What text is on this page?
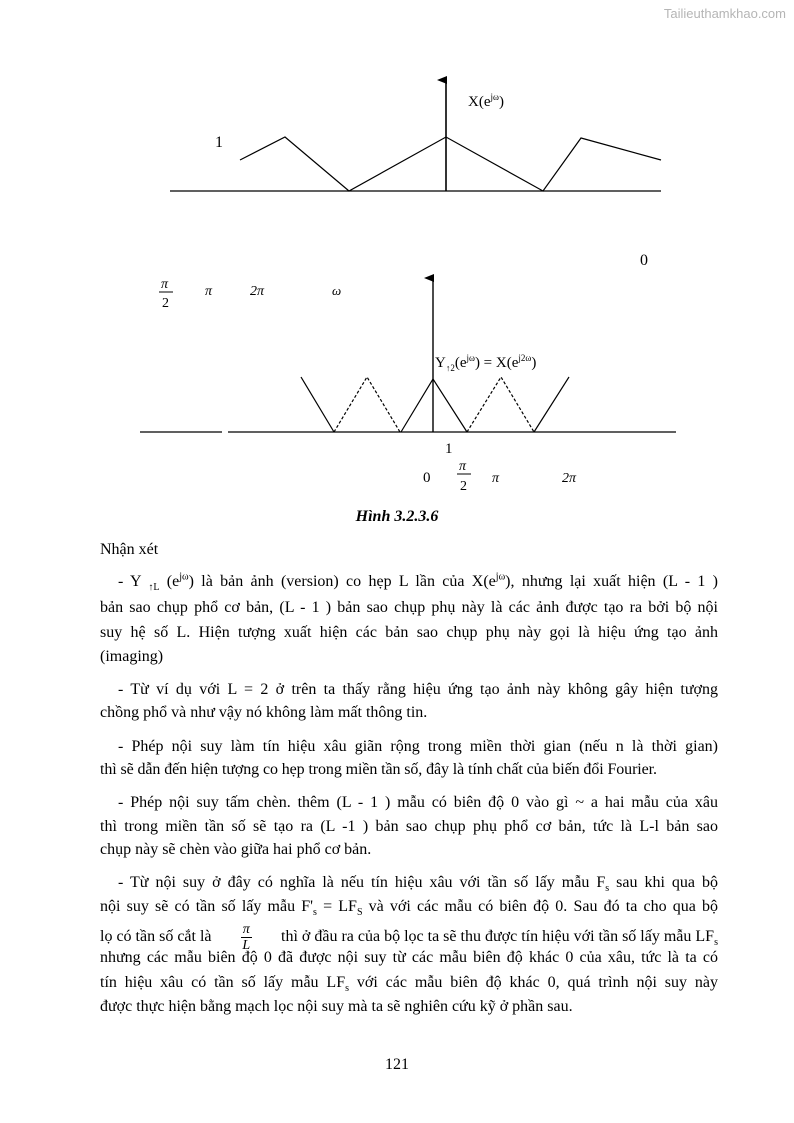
Tailieuthamkhao.com
$X(e^{j\omega})$
1
0
π
2
π	2π	ω
$Y_{↑2}(e^{j\omega}) = X(e^{j2\omega})$
1
0
π
2
π	2π
Hình 3.2.3.6
Nhận xét
- Y $_{↑L}$ $(e^{j\omega})$ là bản ảnh (version) co hẹp L lần của $X(e^{j\omega})$, nhưng lại xuất hiện (L - 1 )
bản sao chụp phổ cơ bản, (L - 1 ) bản sao chụp phụ này là các ảnh được tạo ra bởi bộ nội
suy hệ số L. Hiện tượng xuất hiện các bản sao chụp phụ này gọi là hiệu ứng tạo ảnh
(imaging)
- Từ ví dụ với L = 2 ở trên ta thấy rằng hiệu ứng tạo ảnh này không gây hiện tượng
chồng phổ và như vậy nó không làm mất thông tin.
- Phép nội suy làm tín hiệu xâu giãn rộng trong miền thời gian (nếu n là thời gian)
thì sẽ dẫn đến hiện tượng co hẹp trong miền tần số, đây là tính chất của biến đổi Fourier.
- Phép nội suy tấm chèn. thêm (L - 1 ) mẫu có biên độ 0 vào gì ~ a hai mẫu của xâu
thì trong miền tần số sẽ tạo ra (L -1 ) bản sao chụp phụ phổ cơ bản, tức là L-l bản sao
chụp này sẽ chèn vào giữa hai phổ cơ bản.
- Từ nội suy ở đây có nghĩa là nếu tín hiệu xâu với tần số lấy mẫu $F_s$ sau khi qua bộ
nội suy sẽ có tần số lấy mẫu $F'_s = LF_S$ và với các mẫu có biên độ 0. Sau đó ta cho qua bộ
lọ có tần số cắt là $\frac{\pi}{L}$ thì ở đầu ra của bộ lọc ta sẽ thu được tín hiệu với tần số lấy mẫu $LF_s$
nhưng các mẫu biên độ 0 đã được nội suy từ các mẫu biên độ khác 0 của xâu, tức là ta có
tín hiệu xâu có tần số lấy mẫu $LF_s$ với các mẫu biên độ khác 0, quá trình nội suy này
được thực hiện bằng mạch lọc nội suy mà ta sẽ nghiên cứu kỹ ở phần sau.
121
